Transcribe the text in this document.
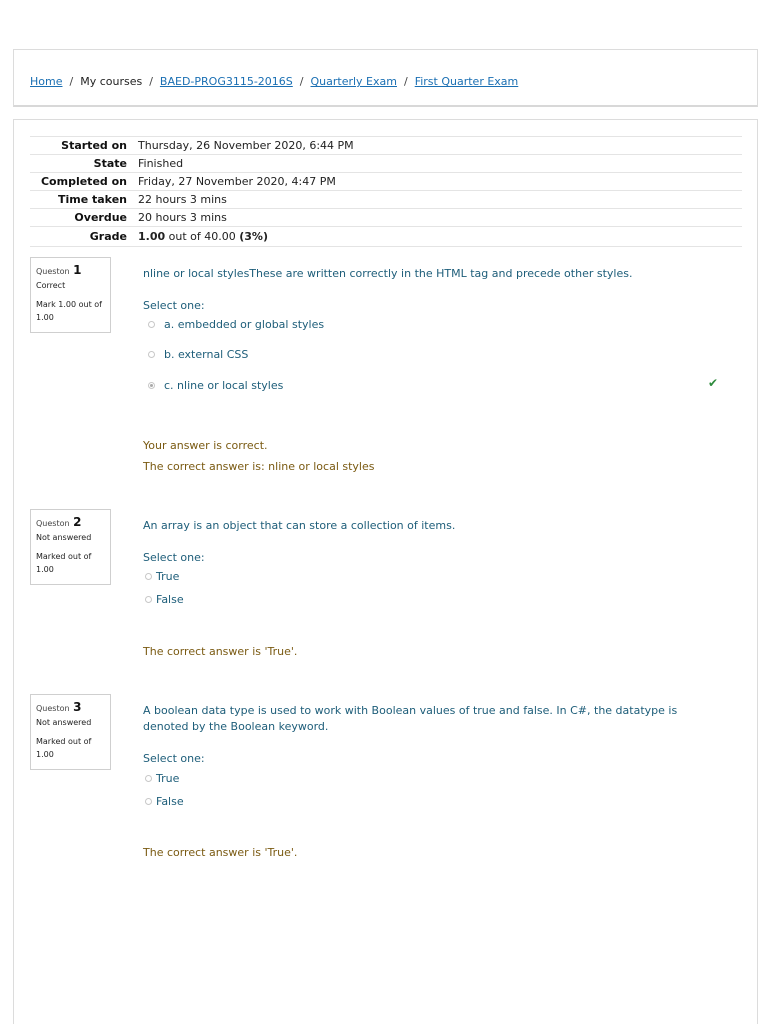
Home / My courses / BAED-PROG3115-2016S / Quarterly Exam / First Quarter Exam
Started on	Thursday, 26 November 2020, 6:44 PM
State	Finished
Completed on	Friday, 27 November 2020, 4:47 PM
Time taken	22 hours 3 mins
Overdue	20 hours 3 mins
Grade	1.00 out of 40.00 (3%)
Queston 1
Correct
Mark 1.00 out of 1.00
nline or local stylesThese are written correctly in the HTML tag and precede other styles.
Select one:
a. embedded or global styles
b. external CSS
c. nline or local styles	✔
Your answer is correct.
The correct answer is: nline or local styles
Queston 2
Not answered
Marked out of 1.00
An array is an object that can store a collection of items.
Select one:
True
False
The correct answer is 'True'.
Queston 3
Not answered
Marked out of 1.00
A boolean data type is used to work with Boolean values of true and false. In C#, the datatype is denoted by the Boolean keyword.
Select one:
True
False
The correct answer is 'True'.
